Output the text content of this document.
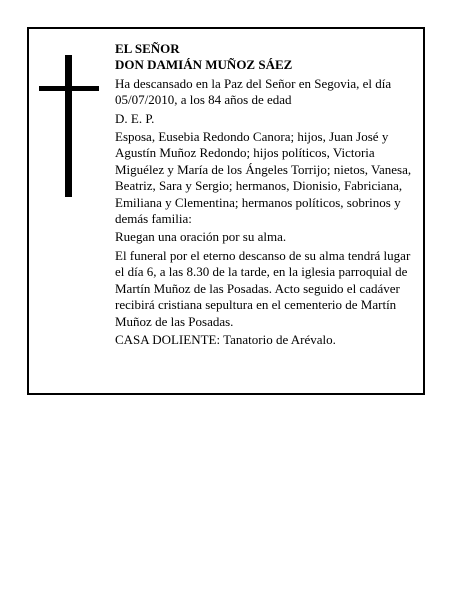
EL SEÑOR

DON DAMIÁN MUÑOZ SÁEZ

Ha descansado en la Paz del Señor en Segovia, el día 05/07/2010, a los 84 años de edad

D. E. P.

Esposa, Eusebia Redondo Canora; hijos, Juan José y Agustín Muñoz Redondo; hijos políticos, Victoria Miguélez y María de los Ángeles Torrijo; nietos, Vanesa, Beatriz, Sara y Sergio; hermanos, Dionisio, Fabriciana, Emiliana y Clementina; hermanos políticos, sobrinos y demás familia:

Ruegan una oración por su alma.

El funeral por el eterno descanso de su alma tendrá lugar el día 6, a las 8.30 de la tarde, en la iglesia parroquial de Martín Muñoz de las Posadas. Acto seguido el cadáver recibirá cristiana sepultura en el cementerio de Martín Muñoz de las Posadas.

CASA DOLIENTE: Tanatorio de Arévalo.
